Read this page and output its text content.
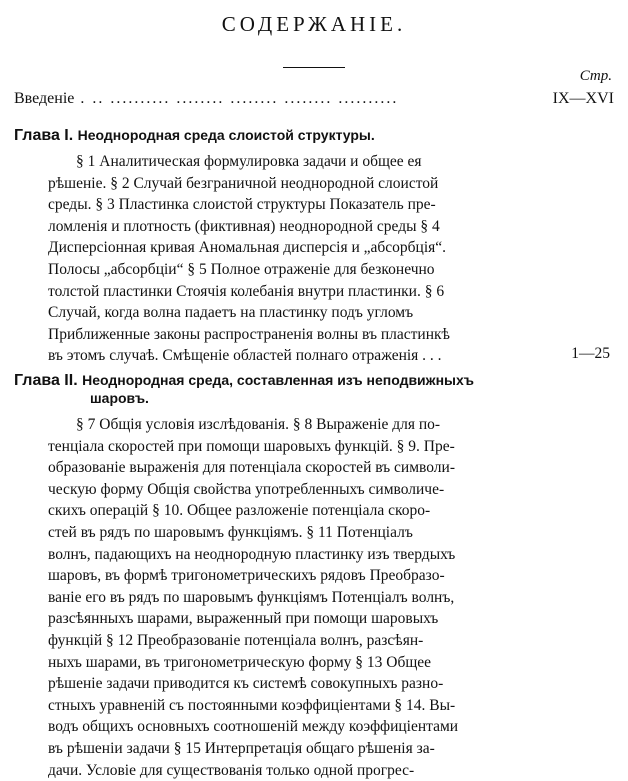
СОДЕРЖАНІЕ.
Стр.
Введеніе . .. .......... ........ ........ ........ ..........	IX—XVI
Глава I. Неоднородная среда слоистой структуры.
§ 1 Аналитическая формулировка задачи и общее ея
рѣшеніе. § 2 Случай безграничной неоднородной слоистой
среды. § 3 Пластинка слоистой структуры Показатель пре-
ломленія и плотность (фиктивная) неоднородной среды § 4
Дисперсіонная кривая Аномальная дисперсія и „абсорбція“.
Полосы „абсорбціи“ § 5 Полное отраженіе для безконечно
толстой пластинки Стоячія колебанія внутри пластинки. § 6
Случай, когда волна падаетъ на пластинку подъ угломъ
Приближенные законы распространенія волны въ пластинкѣ
въ этомъ случаѣ. Смѣщеніе областей полнаго отраженія . . .	1—25
Глава II. Неоднородная среда, составленная изъ неподвижныхъ
шаровъ.
§ 7 Общія условія изслѣдованія. § 8 Выраженіе для по-
тенціала скоростей при помощи шаровыхъ функцій. § 9. Пре-
образованіе выраженія для потенціала скоростей въ символи-
ческую форму Общія свойства употребленныхъ символиче-
скихъ операцій § 10. Общее разложеніе потенціала скоро-
стей въ рядъ по шаровымъ функціямъ. § 11 Потенціалъ
волнъ, падающихъ на неоднородную пластинку изъ твердыхъ
шаровъ, въ формѣ тригонометрическихъ рядовъ Преобразо-
ваніе его въ рядъ по шаровымъ функціямъ Потенціалъ волнъ,
разсѣянныхъ шарами, выраженный при помощи шаровыхъ
функцій § 12 Преобразованіе потенціала волнъ, разсѣян-
ныхъ шарами, въ тригонометрическую форму § 13 Общее
рѣшеніе задачи приводится къ системѣ совокупныхъ разно-
стныхъ уравненій съ постоянными коэффиціентами § 14. Вы-
водъ общихъ основныхъ соотношеній между коэффиціентами
въ рѣшеніи задачи § 15 Интерпретація общаго рѣшенія за-
дачи. Условіе для существованія только одной прогрес-
